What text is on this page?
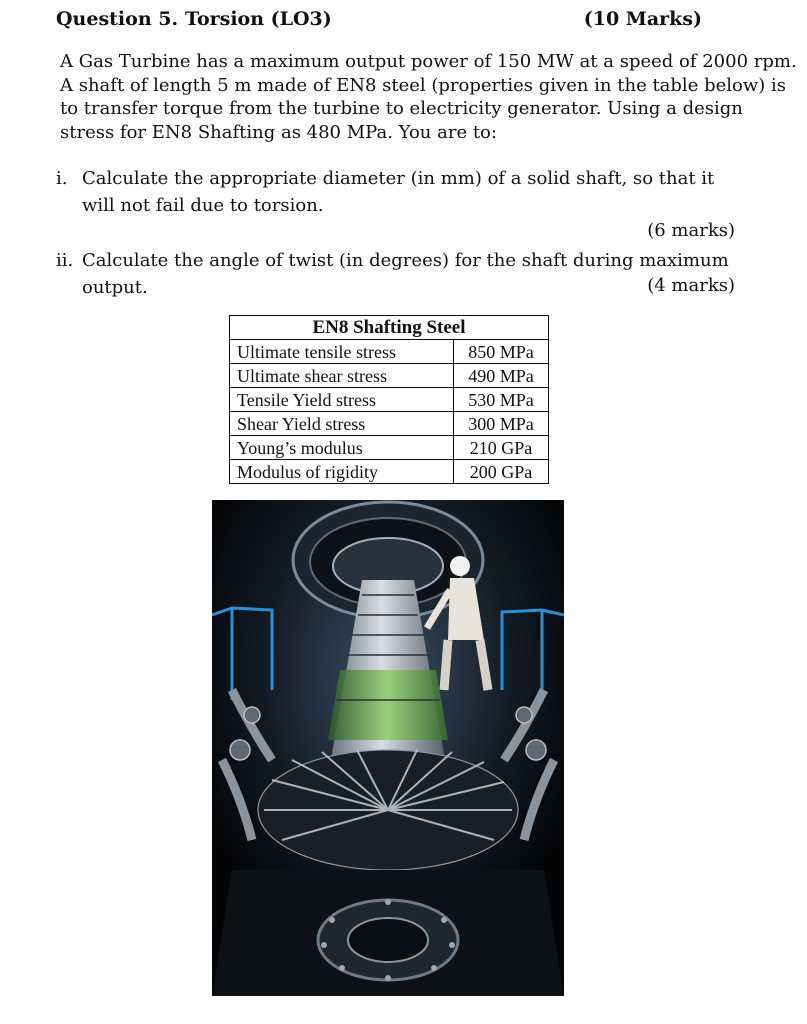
Question 5. Torsion (LO3)	(10 Marks)
A Gas Turbine has a maximum output power of 150 MW at a speed of 2000 rpm.
A shaft of length 5 m made of EN8 steel (properties given in the table below) is
to transfer torque from the turbine to electricity generator. Using a design
stress for EN8 Shafting as 480 MPa. You are to:
i. Calculate the appropriate diameter (in mm) of a solid shaft, so that it will not fail due to torsion.
(6 marks)
ii. Calculate the angle of twist (in degrees) for the shaft during maximum output.	(4 marks)
EN8 Shafting Steel	
Ultimate tensile stress	850 MPa
Ultimate shear stress	490 MPa
Tensile Yield stress	530 MPa
Shear Yield stress	300 MPa
Young’s modulus	210 GPa
Modulus of rigidity	200 GPa
